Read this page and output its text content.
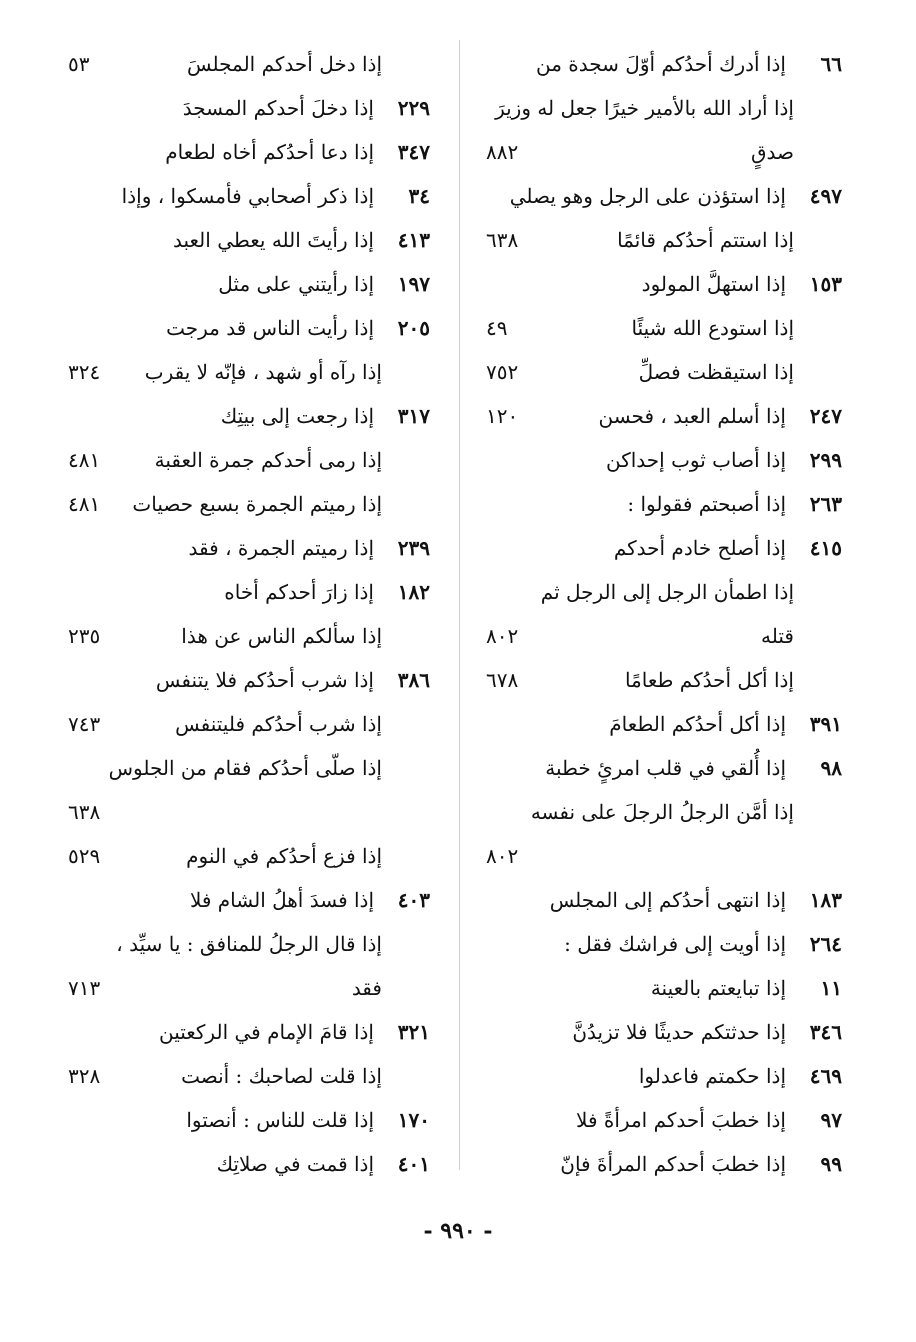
٦٦إذا أدرك أحدُكم أوّلَ سجدة من
إذا أراد الله بالأمير خيرًا جعل له وزيرَ
صدقٍ
٨٨٢
٤٩٧إذا استؤذن على الرجل وهو يصلي
إذا استتم أحدُكم قائمًا
٦٣٨
١٥٣إذا استهلَّ المولود
إذا استودع الله شيئًا
٤٩
إذا استيقظت فصلِّ
٧٥٢
٢٤٧إذا أسلم العبد ، فحسن
١٢٠
٢٩٩إذا أصاب ثوب إحداكن
٢٦٣إذا أصبحتم فقولوا :
٤١٥إذا أصلح خادم أحدكم
إذا اطمأن الرجل إلى الرجل ثم
قتله
٨٠٢
إذا أكل أحدُكم طعامًا
٦٧٨
٣٩١إذا أكل أحدُكم الطعامَ
٩٨إذا أُلقي في قلب امرئٍ خطبة
إذا أمَّن الرجلُ الرجلَ على نفسه
٨٠٢
١٨٣إذا انتهى أحدُكم إلى المجلس
٢٦٤إذا أويت إلى فراشك فقل :
١١إذا تبايعتم بالعينة
٣٤٦إذا حدثتكم حديثًا فلا تزيدُنَّ
٤٦٩إذا حكمتم فاعدلوا
٩٧إذا خطبَ أحدكم امرأةً فلا
٩٩إذا خطبَ أحدكم المرأةَ فإنّ
إذا دخل أحدكم المجلسَ
٥٣
٢٢٩إذا دخلَ أحدكم المسجدَ
٣٤٧إذا دعا أحدُكم أخاه لطعام
٣٤إذا ذكر أصحابي فأمسكوا ، وإذا
٤١٣إذا رأيتَ الله يعطي العبد
١٩٧إذا رأيتني على مثل
٢٠٥إذا رأيت الناس قد مرجت
إذا رآه أو شهد ، فإنّه لا يقرب
٣٢٤
٣١٧إذا رجعت إلى بيتِك
إذا رمى أحدكم جمرة العقبة
٤٨١
إذا رميتم الجمرة بسبع حصيات
٤٨١
٢٣٩إذا رميتم الجمرة ، فقد
١٨٢إذا زارَ أحدكم أخاه
إذا سألكم الناس عن هذا
٢٣٥
٣٨٦إذا شرب أحدُكم فلا يتنفس
إذا شرب أحدُكم فليتنفس
٧٤٣
إذا صلّى أحدُكم فقام من الجلوس
٦٣٨
إذا فزع أحدُكم في النوم
٥٢٩
٤٠٣إذا فسدَ أهلُ الشام فلا
إذا قال الرجلُ للمنافق : يا سيِّد ،
فقد
٧١٣
٣٢١إذا قامَ الإمام في الركعتين
إذا قلت لصاحبك : أنصت
٣٢٨
١٧٠إذا قلت للناس : أنصتوا
٤٠١إذا قمت في صلاتِك
- ٩٩٠ -
